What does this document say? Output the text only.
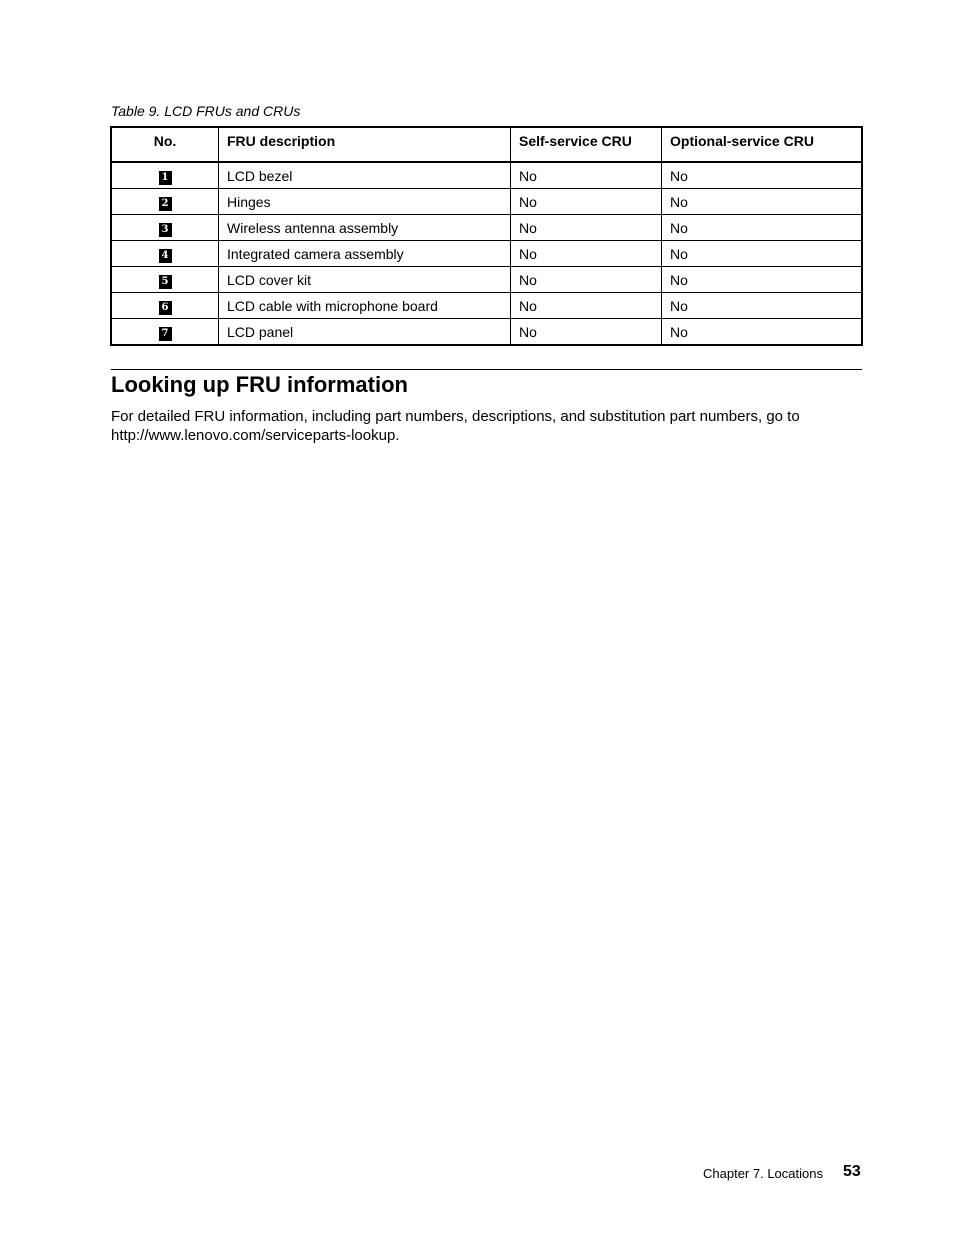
Table 9. LCD FRUs and CRUs
No.	FRU description	Self-service CRU	Optional-service CRU
1	LCD bezel	No	No
2	Hinges	No	No
3	Wireless antenna assembly	No	No
4	Integrated camera assembly	No	No
5	LCD cover kit	No	No
6	LCD cable with microphone board	No	No
7	LCD panel	No	No
Looking up FRU information

For detailed FRU information, including part numbers, descriptions, and substitution part numbers, go to
http://www.lenovo.com/serviceparts-lookup.

Chapter 7. Locations 53
